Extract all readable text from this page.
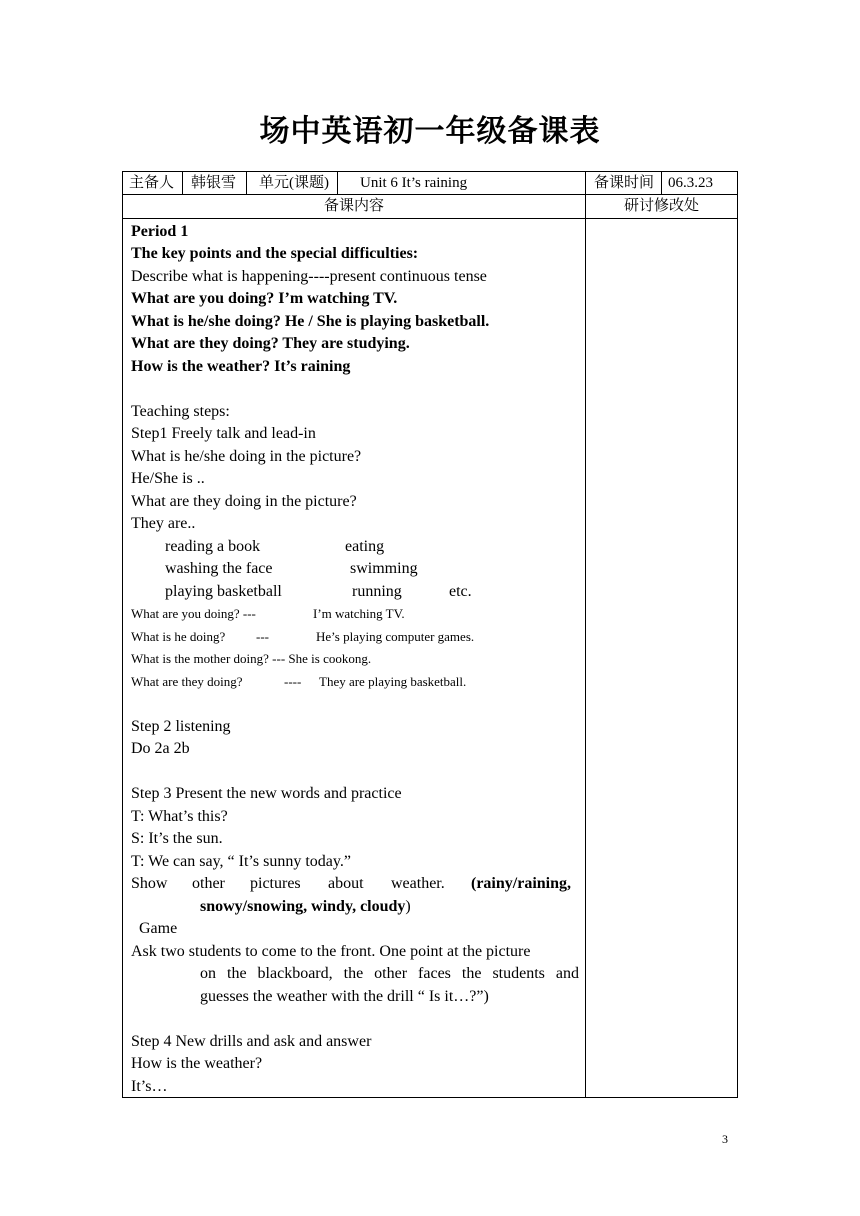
场中英语初一年级备课表
主备人	韩银雪	单元(课题)	Unit 6 It’s raining	备课时间 06.3.23
备课内容	研讨修改处
Period 1
The key points and the special difficulties:
Describe what is happening----present continuous tense
What are you doing? I’m watching TV.
What is he/she doing? He / She is playing basketball.
What are they doing? They are studying.
How is the weather? It’s raining
Teaching steps:
Step1 Freely talk and lead-in
What is he/she doing in the picture?
He/She is ..
What are they doing in the picture?
They are..
reading a book	eating
washing the face	swimming
playing basketball	running	etc.
What are you doing? ---	I’m watching TV.
What is he doing? ---	He’s playing computer games.
What is the mother doing? --- She is cookong.
What are they doing?	---- They are playing basketball.
Step 2 listening
Do 2a 2b
Step 3 Present the new words and practice
T: What’s this?
S: It’s the sun.
T: We can say, “ It’s sunny today.”
Show other pictures about weather. (rainy/raining,
snowy/snowing, windy, cloudy)
Game
Ask two students to come to the front. One point at the picture
on the blackboard, the other faces the students and
guesses the weather with the drill “ Is it…?”)
Step 4 New drills and ask and answer
How is the weather?
It’s…
3
